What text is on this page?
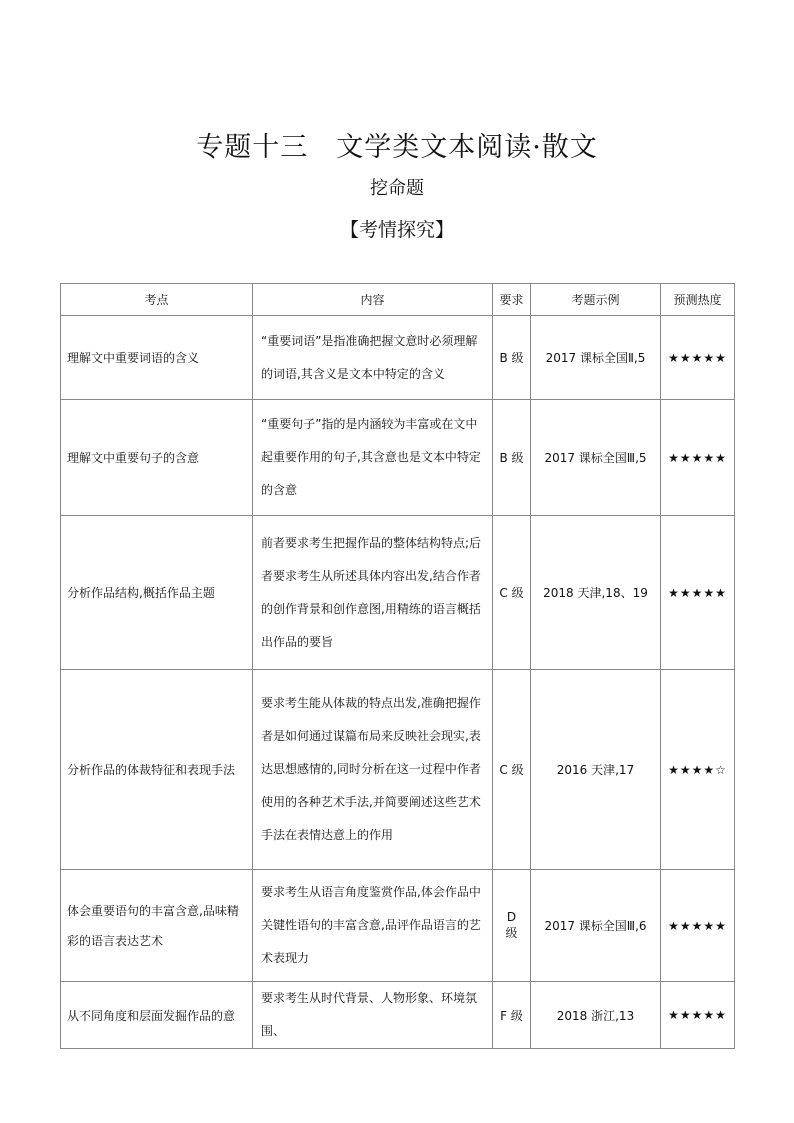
专题十三　文学类文本阅读·散文
挖命题
【考情探究】
考点	内容	要求	考题示例	预测热度
理解文中重要词语的含义	“重要词语”是指准确把握文意时必须理解的词语,其含义是文本中特定的含义	B 级	2017 课标全国Ⅱ,5	★★★★★
理解文中重要句子的含意	“重要句子”指的是内涵较为丰富或在文中起重要作用的句子,其含意也是文本中特定的含意	B 级	2017 课标全国Ⅲ,5	★★★★★
分析作品结构,概括作品主题	前者要求考生把握作品的整体结构特点;后者要求考生从所述具体内容出发,结合作者的创作背景和创作意图,用精练的语言概括出作品的要旨	C 级	2018 天津,18、19	★★★★★
分析作品的体裁特征和表现手法	要求考生能从体裁的特点出发,准确把握作者是如何通过谋篇布局来反映社会现实,表达思想感情的,同时分析在这一过程中作者使用的各种艺术手法,并简要阐述这些艺术手法在表情达意上的作用	C 级	2016 天津,17	★★★★☆
体会重要语句的丰富含意,品味精彩的语言表达艺术	要求考生从语言角度鉴赏作品,体会作品中关键性语句的丰富含意,品评作品语言的艺术表现力	D 级	2017 课标全国Ⅲ,6	★★★★★
从不同角度和层面发掘作品的意	要求考生从时代背景、人物形象、环境氛围、	F 级	2018 浙江,13	★★★★★
